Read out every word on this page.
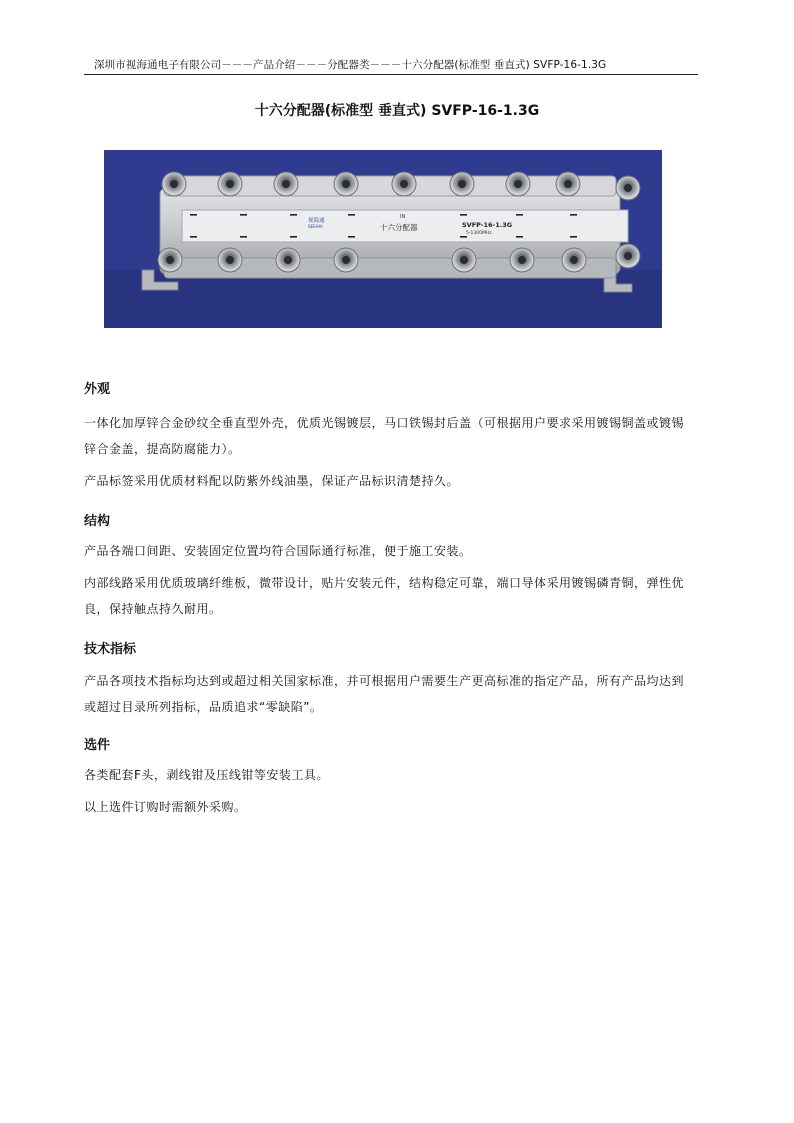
深圳市视海通电子有限公司－－－产品介绍－－－分配器类－－－十六分配器(标准型 垂直式) SVFP-16-1.3G
十六分配器(标准型 垂直式) SVFP-16-1.3G
视海通
SEEHAI
IN
十六分配器	SVFP-16-1.3G
5-1300MHz
外观
一体化加厚锌合金砂纹全垂直型外壳，优质光锡镀层，马口铁锡封后盖（可根据用户要求采用镀锡铜盖或镀锡锌合金盖，提高防腐能力）。
产品标签采用优质材料配以防紫外线油墨，保证产品标识清楚持久。
结构
产品各端口间距、安装固定位置均符合国际通行标准，便于施工安装。
内部线路采用优质玻璃纤维板，微带设计，贴片安装元件，结构稳定可靠，端口导体采用镀锡磷青铜，弹性优良，保持触点持久耐用。
技术指标
产品各项技术指标均达到或超过相关国家标准，并可根据用户需要生产更高标准的指定产品，所有产品均达到或超过目录所列指标，品质追求“零缺陷”。
选件
各类配套F头，剥线钳及压线钳等安装工具。
以上选件订购时需额外采购。
